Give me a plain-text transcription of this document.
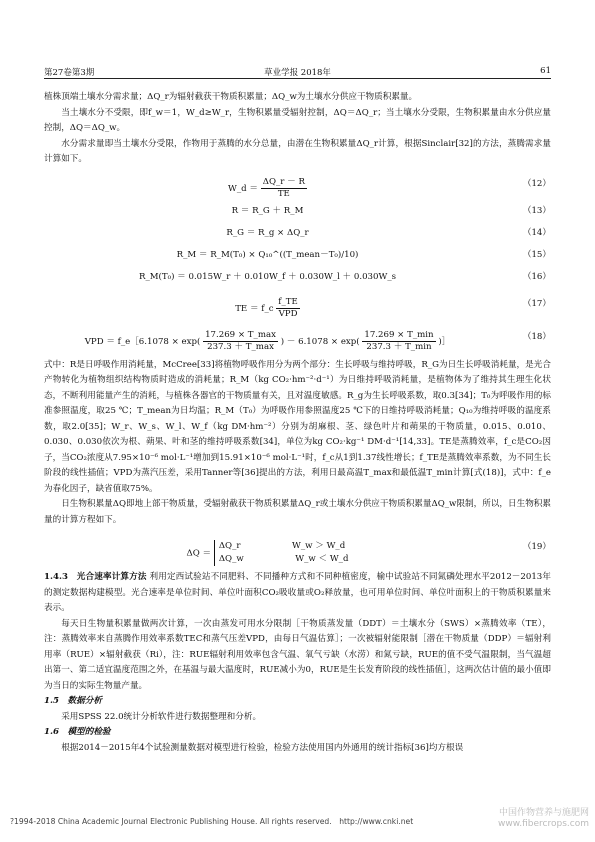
第27卷第3期	草业学报 2018年	61

植株顶端土壤水分需求量；ΔQ_r为辐射截获干物质积累量；ΔQ_w为土壤水分供应干物质积累量。

当土壤水分不受限，即f_w＝1，W_d≥W_r，生物积累量受辐射控制，ΔQ＝ΔQ_r；当土壤水分受限，生物积累量由水分供应量控制，ΔQ＝ΔQ_w。

水分需求量即当土壤水分受限，作物用于蒸腾的水分总量，由潜在生物积累量ΔQ_r计算，根据Sinclair[32]的方法，蒸腾需求量计算如下。

W_d ＝ $\frac{\Delta Q\_r - R}{TE}$	（12）
R ＝ R_G ＋ R_M	（13）
R_G ＝ R_g × ΔQ_r	（14）
R_M ＝ R_M(T₀) × Q₁₀^((T_mean－T₀)/10)	（15）
R_M(T₀) ＝ 0.015W_r ＋ 0.010W_f ＋ 0.030W_l ＋ 0.030W_s	（16）
TE ＝ f_c $\frac{f\_TE}{\text{VPD}}$	（17）
VPD ＝ f_e［6.1078 × $\exp( \frac{17.269 \times T\_\max}{237.3 + T\_\max}$ ) － $6.1078 \times \exp( \frac{17.269 \times T\_\min}{237.3 + T\_\min}$ )］	（18）

式中：R是日呼吸作用消耗量，McCree[33]将植物呼吸作用分为两个部分：生长呼吸与维持呼吸，R_G为日生长呼吸消耗量，是光合产物转化为植物组织结构物质时造成的消耗量；R_M（kg CO₂·hm⁻²·d⁻¹）为日维持呼吸消耗量，是植物体为了维持其生理生化状态，不断利用能量产生的消耗，与植株各器官的干物质量有关，且对温度敏感。R_g为生长呼吸系数，取0.3[34]；T₀为呼吸作用的标准参照温度，取25 ℃；T_mean为日均温；R_M（T₀）为呼吸作用参照温度25 ℃下的日维持呼吸消耗量；Q₁₀为维持呼吸的温度系数，取2.0[35]；W_r、W_s、W_l、W_f（kg DM·hm⁻²）分别为胡麻根、茎、绿色叶片和蒴果的干物质量，0.015、0.010、0.030、0.030依次为根、蒴果、叶和茎的维持呼吸系数[34]，单位为kg CO₂·kg⁻¹ DM·d⁻¹[14,33]。TE是蒸腾效率，f_c是CO₂因子，当CO₂浓度从7.95×10⁻⁶ mol·L⁻¹增加到15.91×10⁻⁶ mol·L⁻¹时，f_c从1到1.37线性增长；f_TE是蒸腾效率系数，为不同生长阶段的线性插值；VPD为蒸汽压差，采用Tanner等[36]提出的方法，利用日最高温T_max和最低温T_min计算[式(18)]，式中：f_e为春化因子，缺省值取75%。

日生物积累量ΔQ即地上部干物质量，受辐射截获干物质积累量ΔQ_r或土壤水分供应干物质积累量ΔQ_w限制，所以，日生物积累量的计算方程如下。

ΔQ ＝
ΔQ_r　　　　　　W_w ＞ W_d
ΔQ_w　　　　　　W_w ＜ W_d
（19）

1.4.3　光合速率计算方法 利用定西试验站不同肥料、不同播种方式和不同种植密度，榆中试验站不同氮磷处理水平2012－2013年的测定数据构建模型。光合速率是单位时间、单位叶面积CO₂吸收量或O₂释放量，也可用单位时间、单位叶面积上的干物质积累量来表示。

每天日生物量积累量做两次计算，一次由蒸发可用水分限制［干物质蒸发量（DDT）＝土壤水分（SWS）×蒸腾效率（TE），注：蒸腾效率来自蒸腾作用效率系数TEC和蒸气压差VPD，由每日气温估算］；一次被辐射能限制［潜在干物质量（DDP）＝辐射利用率（RUE）×辐射截获（Ri），注：RUE辐射利用效率包含气温、氧气亏缺（水涝）和氮亏缺，RUE的值不受气温限制，当气温超出第一、第二适宜温度范围之外，在基温与最大温度时，RUE减小为0，RUE是生长发育阶段的线性插值］，这两次估计值的最小值即为当日的实际生物量产量。

1.5　数据分析

采用SPSS 22.0统计分析软件进行数据整理和分析。

1.6　模型的检验

根据2014－2015年4个试验测量数据对模型进行检验，检验方法使用国内外通用的统计指标[36]均方根误

?1994-2018 China Academic Journal Electronic Publishing House. All rights reserved.　http://www.cnki.net
中国作物营养与施肥网
www.fibercrops.com
